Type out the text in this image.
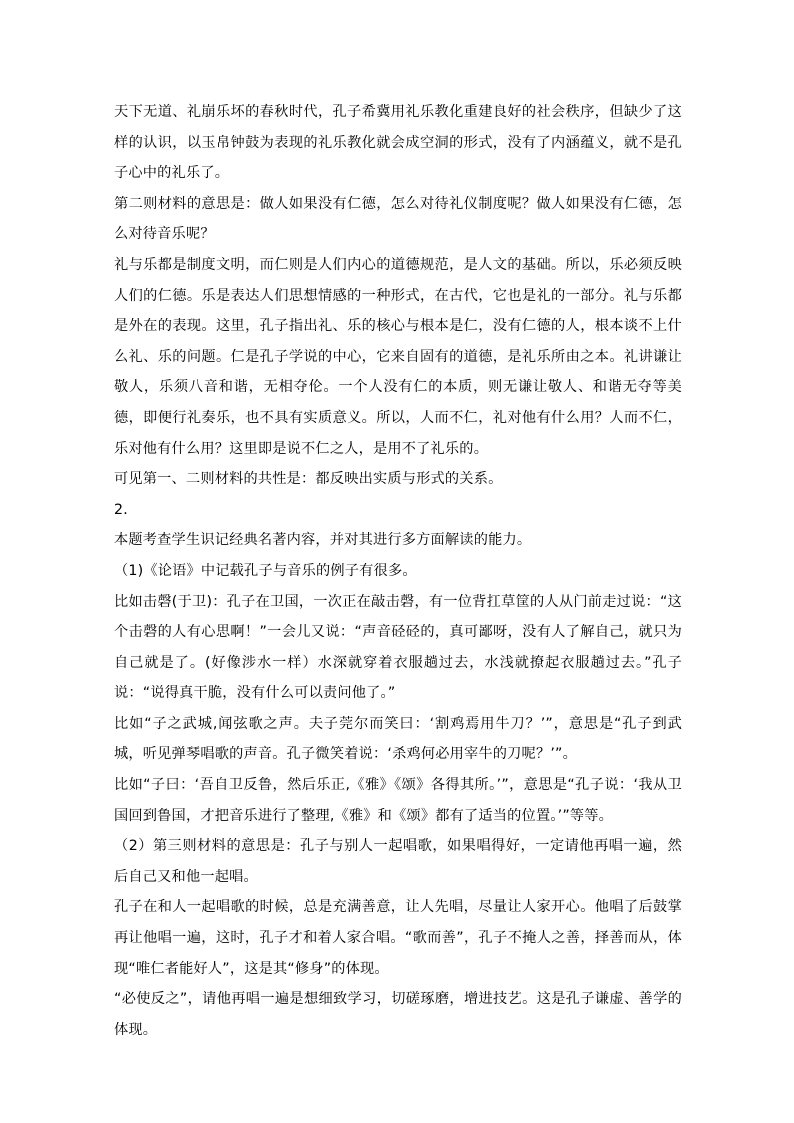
天下无道、礼崩乐坏的春秋时代，孔子希冀用礼乐教化重建良好的社会秩序，但缺少了这样的认识，以玉帛钟鼓为表现的礼乐教化就会成空洞的形式，没有了内涵蕴义，就不是孔子心中的礼乐了。

第二则材料的意思是：做人如果没有仁德，怎么对待礼仪制度呢？做人如果没有仁德，怎么对待音乐呢？

礼与乐都是制度文明，而仁则是人们内心的道德规范，是人文的基础。所以，乐必须反映人们的仁德。乐是表达人们思想情感的一种形式，在古代，它也是礼的一部分。礼与乐都是外在的表现。这里，孔子指出礼、乐的核心与根本是仁，没有仁德的人，根本谈不上什么礼、乐的问题。仁是孔子学说的中心，它来自固有的道德，是礼乐所由之本。礼讲谦让敬人，乐须八音和谐，无相夺伦。一个人没有仁的本质，则无谦让敬人、和谐无夺等美德，即便行礼奏乐，也不具有实质意义。所以，人而不仁，礼对他有什么用？人而不仁，乐对他有什么用？这里即是说不仁之人，是用不了礼乐的。

可见第一、二则材料的共性是：都反映出实质与形式的关系。

2．

本题考查学生识记经典名著内容，并对其进行多方面解读的能力。

（1)《论语》中记载孔子与音乐的例子有很多。

比如击磬(于卫)：孔子在卫国，一次正在敲击磬，有一位背扛草筐的人从门前走过说：“这个击磬的人有心思啊！”一会儿又说：“声音硁硁的，真可鄙呀，没有人了解自己，就只为自己就是了。(好像涉水一样）水深就穿着衣服趟过去，水浅就撩起衣服趟过去。”孔子说：“说得真干脆，没有什么可以责问他了。”

比如“子之武城,闻弦歌之声。夫子莞尔而笑曰：‘割鸡焉用牛刀？’”，意思是“孔子到武城，听见弹琴唱歌的声音。孔子微笑着说：‘杀鸡何必用宰牛的刀呢？’”。

比如“子曰：‘吾自卫反鲁，然后乐正,《雅》《颂》各得其所。’”，意思是“孔子说：‘我从卫国回到鲁国，才把音乐进行了整理,《雅》和《颂》都有了适当的位置。’”等等。

（2）第三则材料的意思是：孔子与别人一起唱歌，如果唱得好，一定请他再唱一遍，然后自己又和他一起唱。

孔子在和人一起唱歌的时候，总是充满善意，让人先唱，尽量让人家开心。他唱了后鼓掌再让他唱一遍，这时，孔子才和着人家合唱。“歌而善”，孔子不掩人之善，择善而从，体现“唯仁者能好人”，这是其“修身”的体现。

“必使反之”，请他再唱一遍是想细致学习，切磋琢磨，增进技艺。这是孔子谦虚、善学的体现。
